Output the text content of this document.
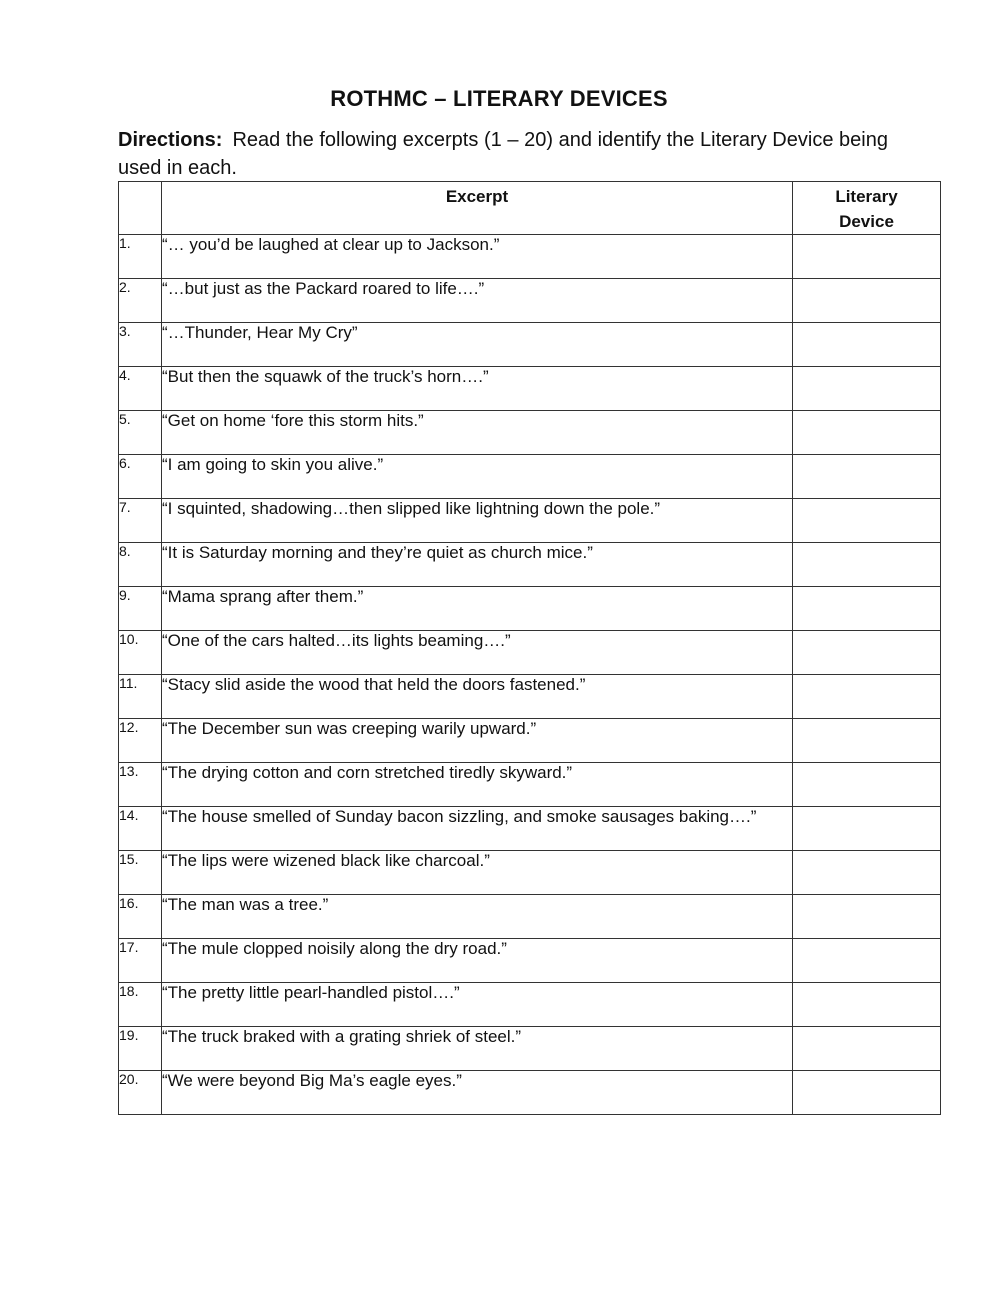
ROTHMC – LITERARY DEVICES
Directions: Read the following excerpts (1 – 20) and identify the Literary Device being used in each.
	Excerpt	Literary
Device

1.	“… you’d be laughed at clear up to Jackson.”	
2.	“…but just as the Packard roared to life….”	
3.	“…Thunder, Hear My Cry”	
4.	“But then the squawk of the truck’s horn….”	
5.	“Get on home ‘fore this storm hits.”	
6.	“I am going to skin you alive.”	
7.	“I squinted, shadowing…then slipped like lightning down the pole.”	
8.	“It is Saturday morning and they’re quiet as church mice.”	
9.	“Mama sprang after them.”	
10.	“One of the cars halted…its lights beaming….”	
11.	“Stacy slid aside the wood that held the doors fastened.”	
12.	“The December sun was creeping warily upward.”	
13.	“The drying cotton and corn stretched tiredly skyward.”	
14.	“The house smelled of Sunday bacon sizzling, and smoke sausages baking….”	
15.	“The lips were wizened black like charcoal.”	
16.	“The man was a tree.”	
17.	“The mule clopped noisily along the dry road.”	
18.	“The pretty little pearl-handled pistol….”	
19.	“The truck braked with a grating shriek of steel.”	
20.	“We were beyond Big Ma’s eagle eyes.”	
